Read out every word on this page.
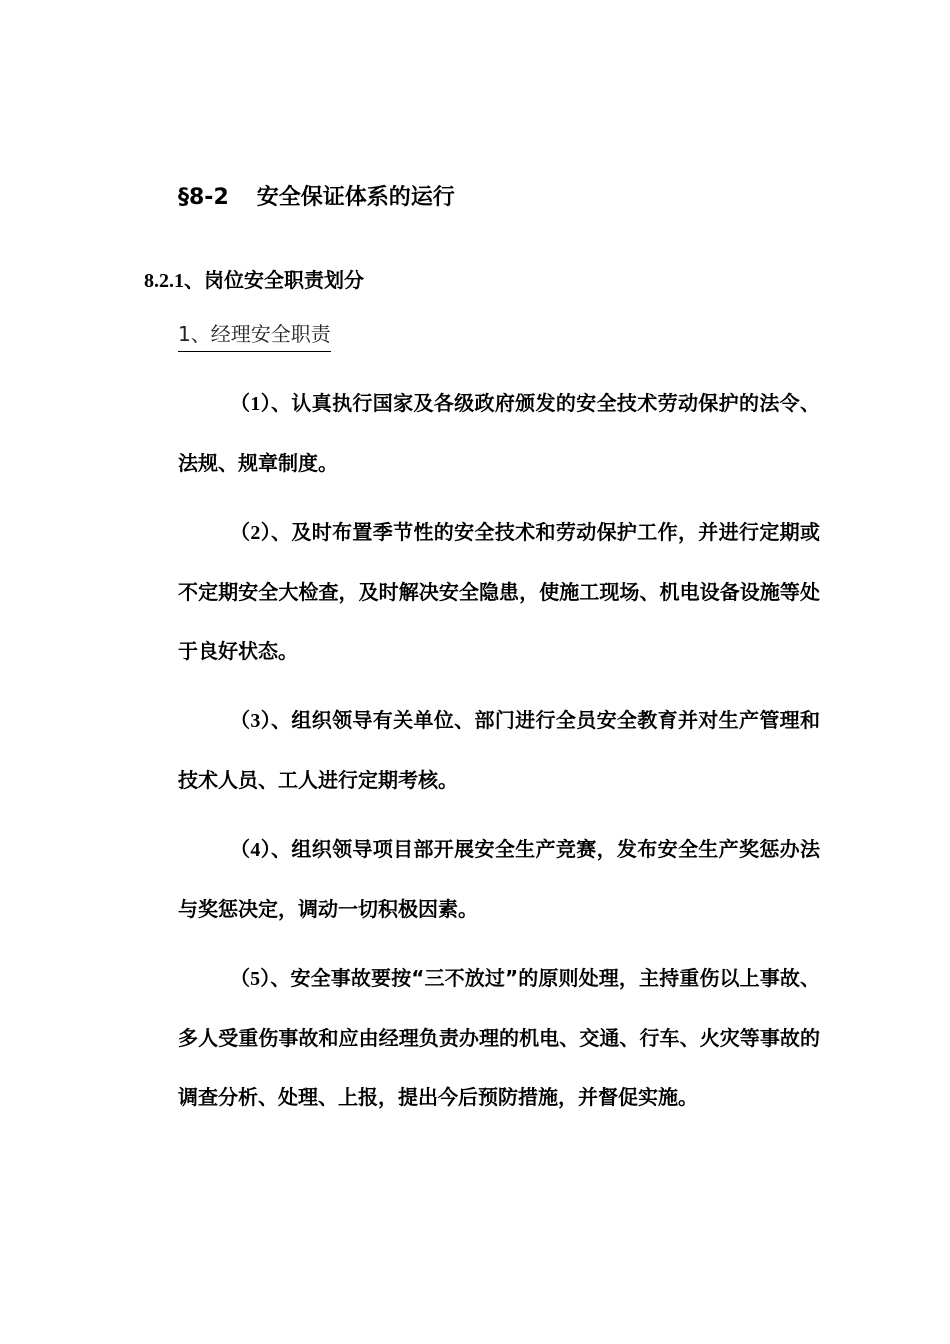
§8-2 安全保证体系的运行
8.2.1、岗位安全职责划分
1、经理安全职责

（1）、认真执行国家及各级政府颁发的安全技术劳动保护的法令、法规、规章制度。

（2）、及时布置季节性的安全技术和劳动保护工作，并进行定期或不定期安全大检查，及时解决安全隐患，使施工现场、机电设备设施等处于良好状态。

（3）、组织领导有关单位、部门进行全员安全教育并对生产管理和技术人员、工人进行定期考核。

（4）、组织领导项目部开展安全生产竞赛，发布安全生产奖惩办法与奖惩决定，调动一切积极因素。

（5）、安全事故要按“三不放过”的原则处理，主持重伤以上事故、多人受重伤事故和应由经理负责办理的机电、交通、行车、火灾等事故的调查分析、处理、上报，提出今后预防措施，并督促实施。
